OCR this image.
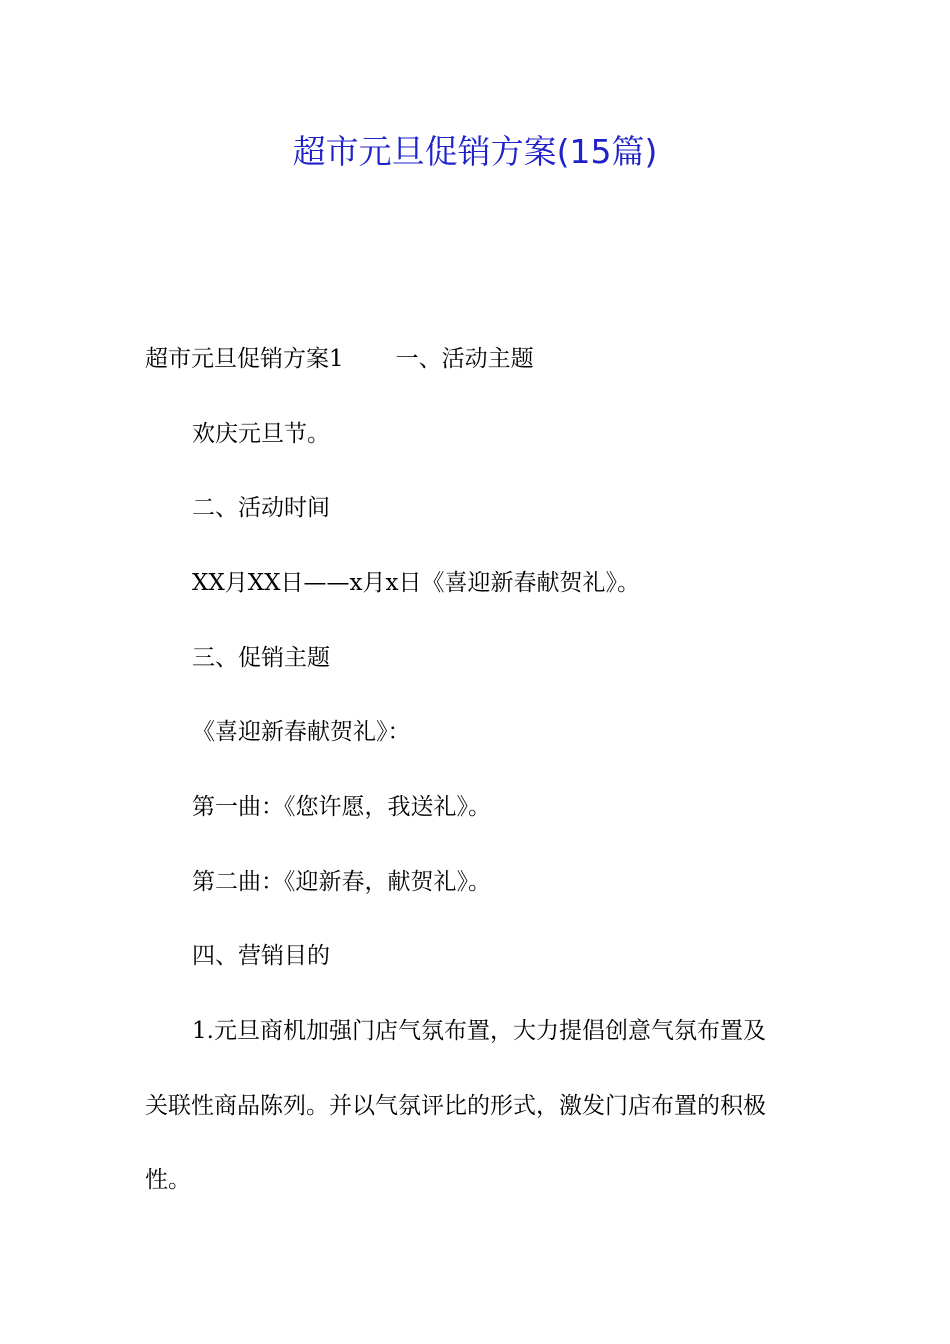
超市元旦促销方案(15篇)

超市元旦促销方案1 一、活动主题

欢庆元旦节。

二、活动时间

XX月XX日——x月x日《喜迎新春献贺礼》。

三、促销主题

《喜迎新春献贺礼》：

第一曲：《您许愿，我送礼》。

第二曲：《迎新春，献贺礼》。

四、营销目的

1.元旦商机加强门店气氛布置，大力提倡创意气氛布置及

关联性商品陈列。并以气氛评比的形式，激发门店布置的积极

性。
